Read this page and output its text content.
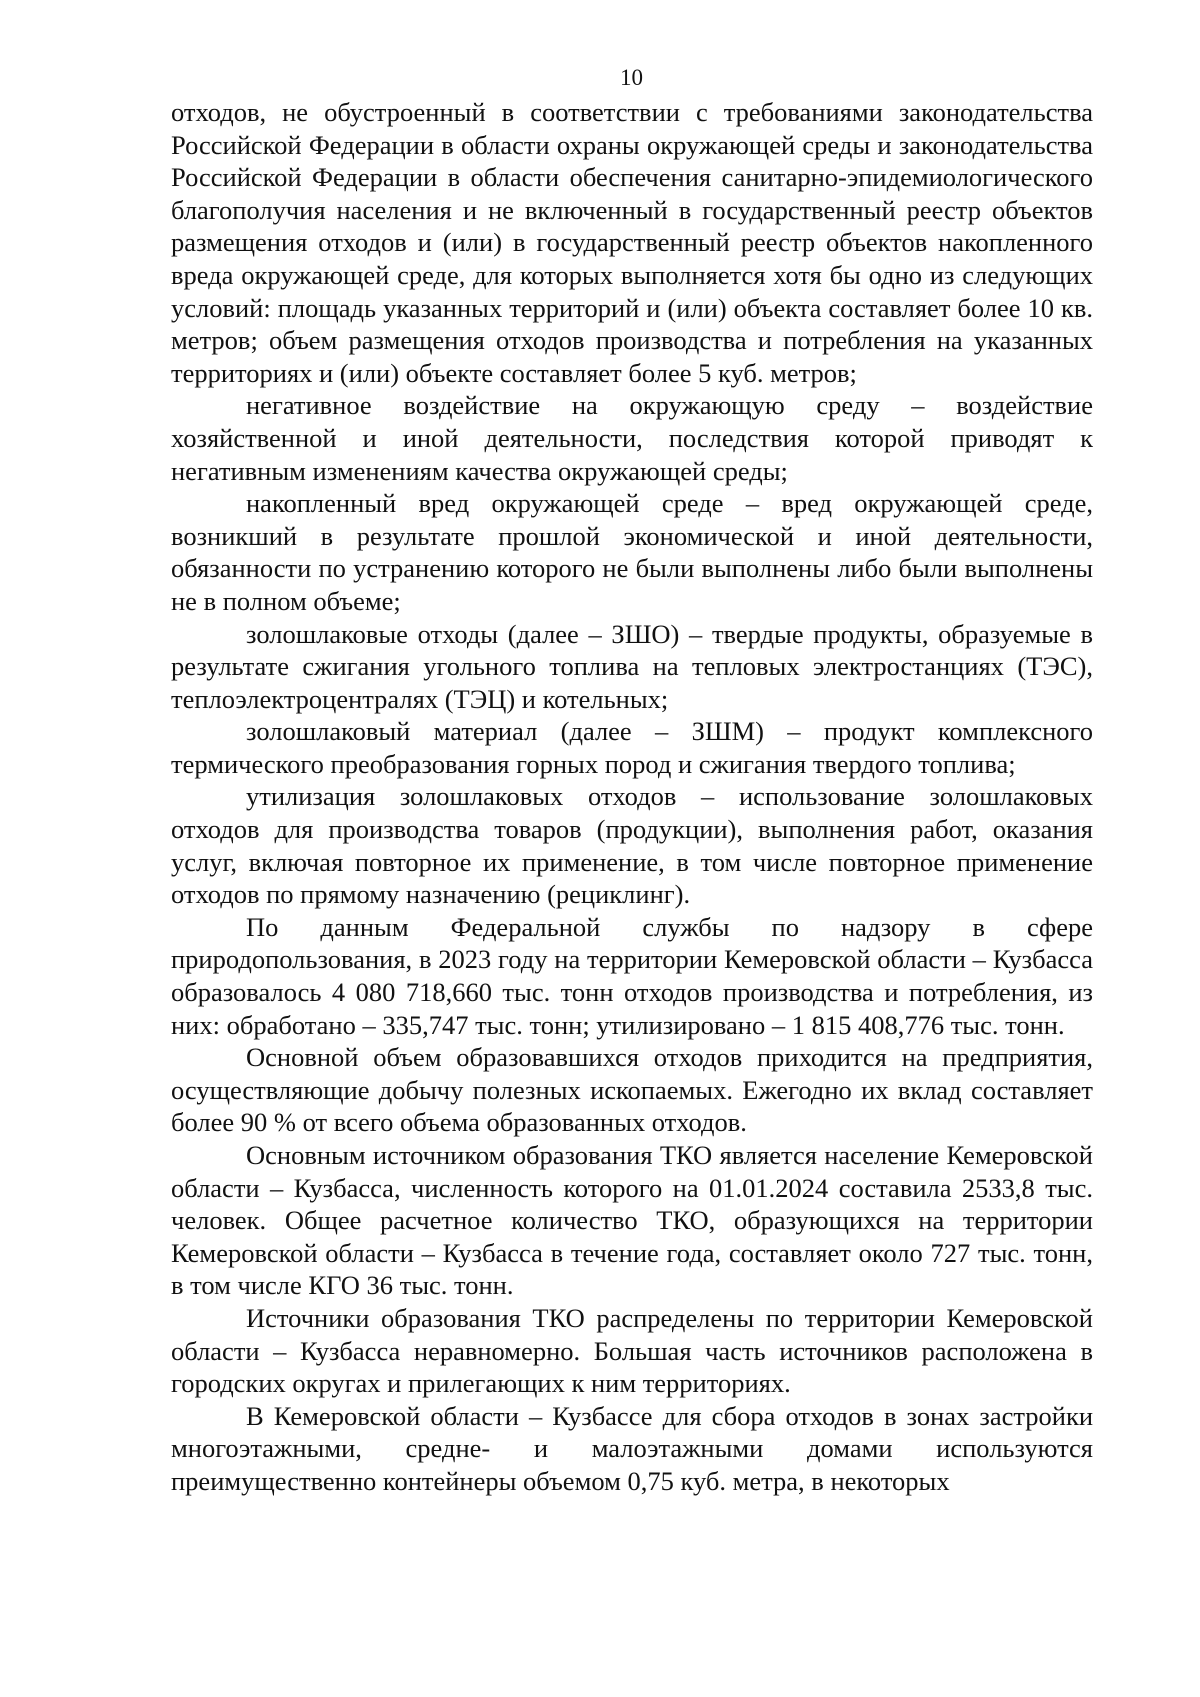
10

отходов, не обустроенный в соответствии с требованиями законодательства Российской Федерации в области охраны окружающей среды и законодательства Российской Федерации в области обеспечения санитарно-эпидемиологического благополучия населения и не включенный в государственный реестр объектов размещения отходов и (или) в государственный реестр объектов накопленного вреда окружающей среде, для которых выполняется хотя бы одно из следующих условий: площадь указанных территорий и (или) объекта составляет более 10 кв. метров; объем размещения отходов производства и потребления на указанных территориях и (или) объекте составляет более 5 куб. метров;

негативное воздействие на окружающую среду – воздействие хозяйственной и иной деятельности, последствия которой приводят к негативным изменениям качества окружающей среды;

накопленный вред окружающей среде – вред окружающей среде, возникший в результате прошлой экономической и иной деятельности, обязанности по устранению которого не были выполнены либо были выполнены не в полном объеме;

золошлаковые отходы (далее – ЗШО) – твердые продукты, образуемые в результате сжигания угольного топлива на тепловых электростанциях (ТЭС), теплоэлектроцентралях (ТЭЦ) и котельных;

золошлаковый материал (далее – ЗШМ) – продукт комплексного термического преобразования горных пород и сжигания твердого топлива;

утилизация золошлаковых отходов – использование золошлаковых отходов для производства товаров (продукции), выполнения работ, оказания услуг, включая повторное их применение, в том числе повторное применение отходов по прямому назначению (рециклинг).

По данным Федеральной службы по надзору в сфере природопользования, в 2023 году на территории Кемеровской области – Кузбасса образовалось 4 080 718,660 тыс. тонн отходов производства и потребления, из них: обработано – 335,747 тыс. тонн; утилизировано – 1 815 408,776 тыс. тонн.

Основной объем образовавшихся отходов приходится на предприятия, осуществляющие добычу полезных ископаемых. Ежегодно их вклад составляет более 90 % от всего объема образованных отходов.

Основным источником образования ТКО является население Кемеровской области – Кузбасса, численность которого на 01.01.2024 составила 2533,8 тыс. человек. Общее расчетное количество ТКО, образующихся на территории Кемеровской области – Кузбасса в течение года, составляет около 727 тыс. тонн, в том числе КГО 36 тыс. тонн.

Источники образования ТКО распределены по территории Кемеровской области – Кузбасса неравномерно. Большая часть источников расположена в городских округах и прилегающих к ним территориях.

В Кемеровской области – Кузбассе для сбора отходов в зонах застройки многоэтажными, средне- и малоэтажными домами используются преимущественно контейнеры объемом 0,75 куб. метра, в некоторых
